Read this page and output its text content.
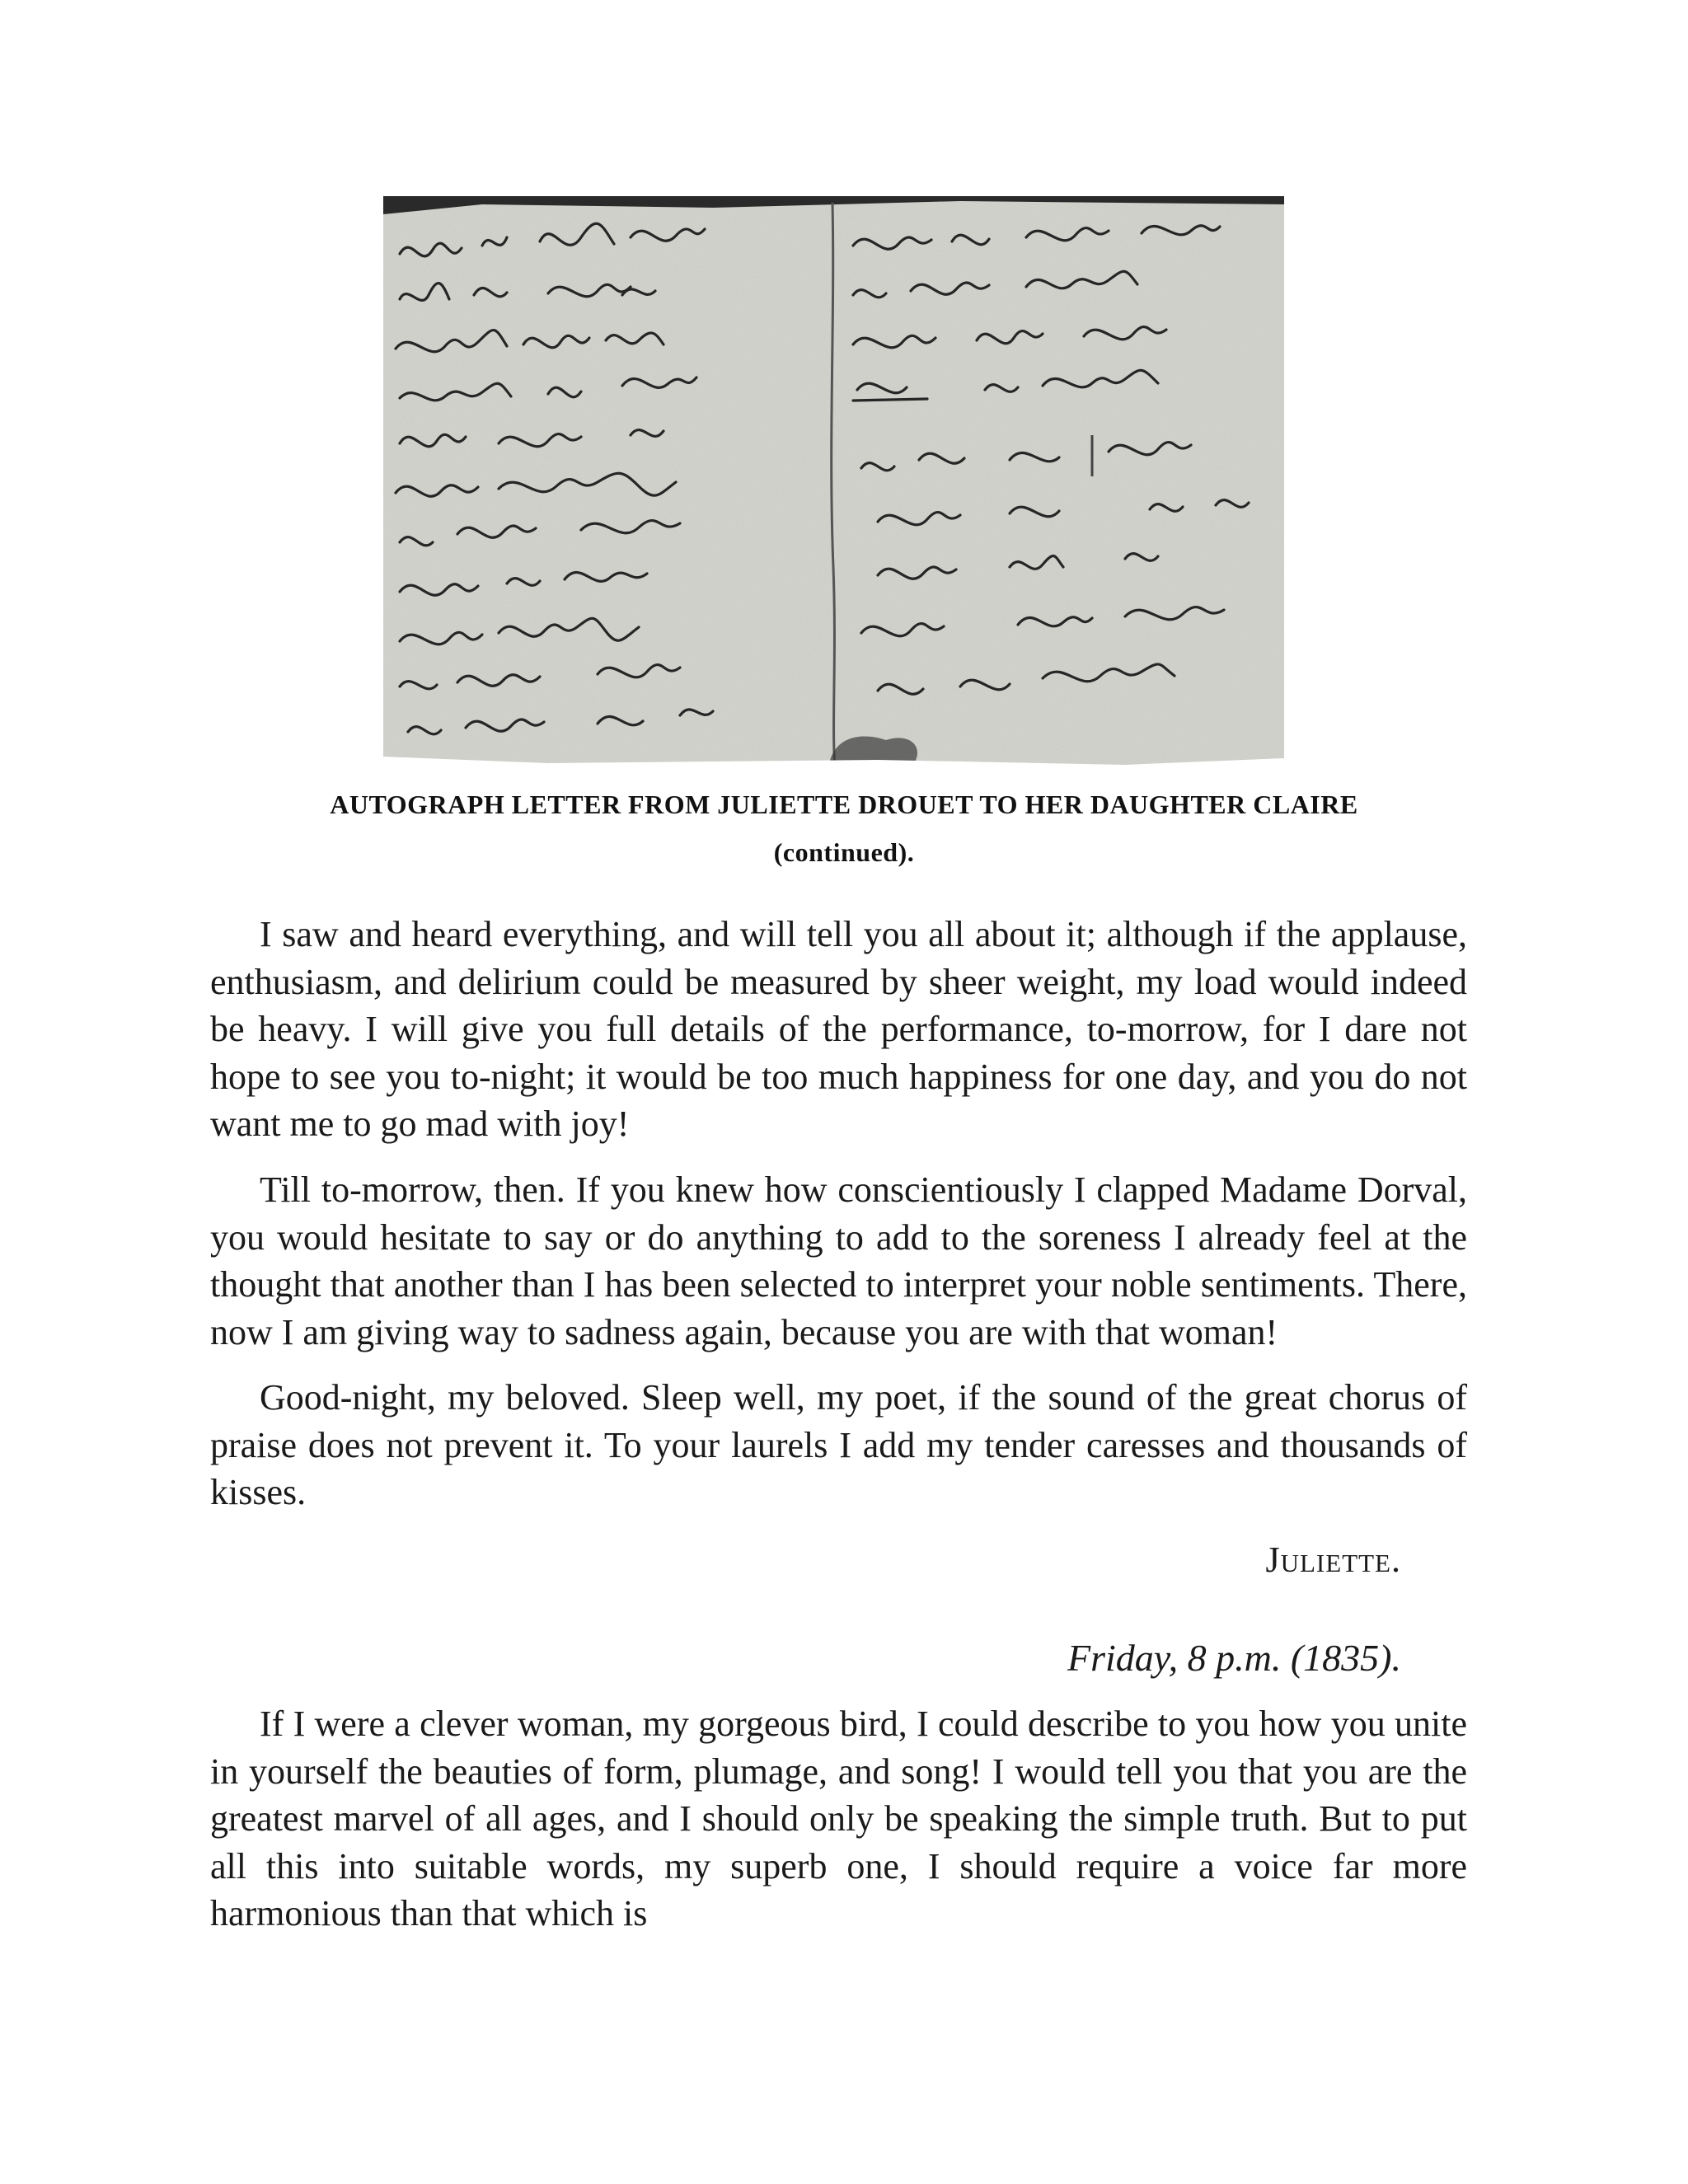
AUTOGRAPH LETTER FROM JULIETTE DROUET TO HER DAUGHTER CLAIRE
(continued).

I saw and heard everything, and will tell you all about it; although if the applause, enthusiasm, and delirium could be measured by sheer weight, my load would indeed be heavy. I will give you full details of the performance, to-morrow, for I dare not hope to see you to-night; it would be too much happiness for one day, and you do not want me to go mad with joy!

Till to-morrow, then. If you knew how conscientiously I clapped Madame Dorval, you would hesitate to say or do anything to add to the soreness I already feel at the thought that another than I has been selected to interpret your noble sentiments. There, now I am giving way to sadness again, because you are with that woman!

Good-night, my beloved. Sleep well, my poet, if the sound of the great chorus of praise does not prevent it. To your laurels I add my tender caresses and thousands of kisses.

Juliette.
Friday, 8 p.m. (1835).

If I were a clever woman, my gorgeous bird, I could describe to you how you unite in yourself the beauties of form, plumage, and song! I would tell you that you are the greatest marvel of all ages, and I should only be speaking the simple truth. But to put all this into suitable words, my superb one, I should require a voice far more harmonious than that which is
